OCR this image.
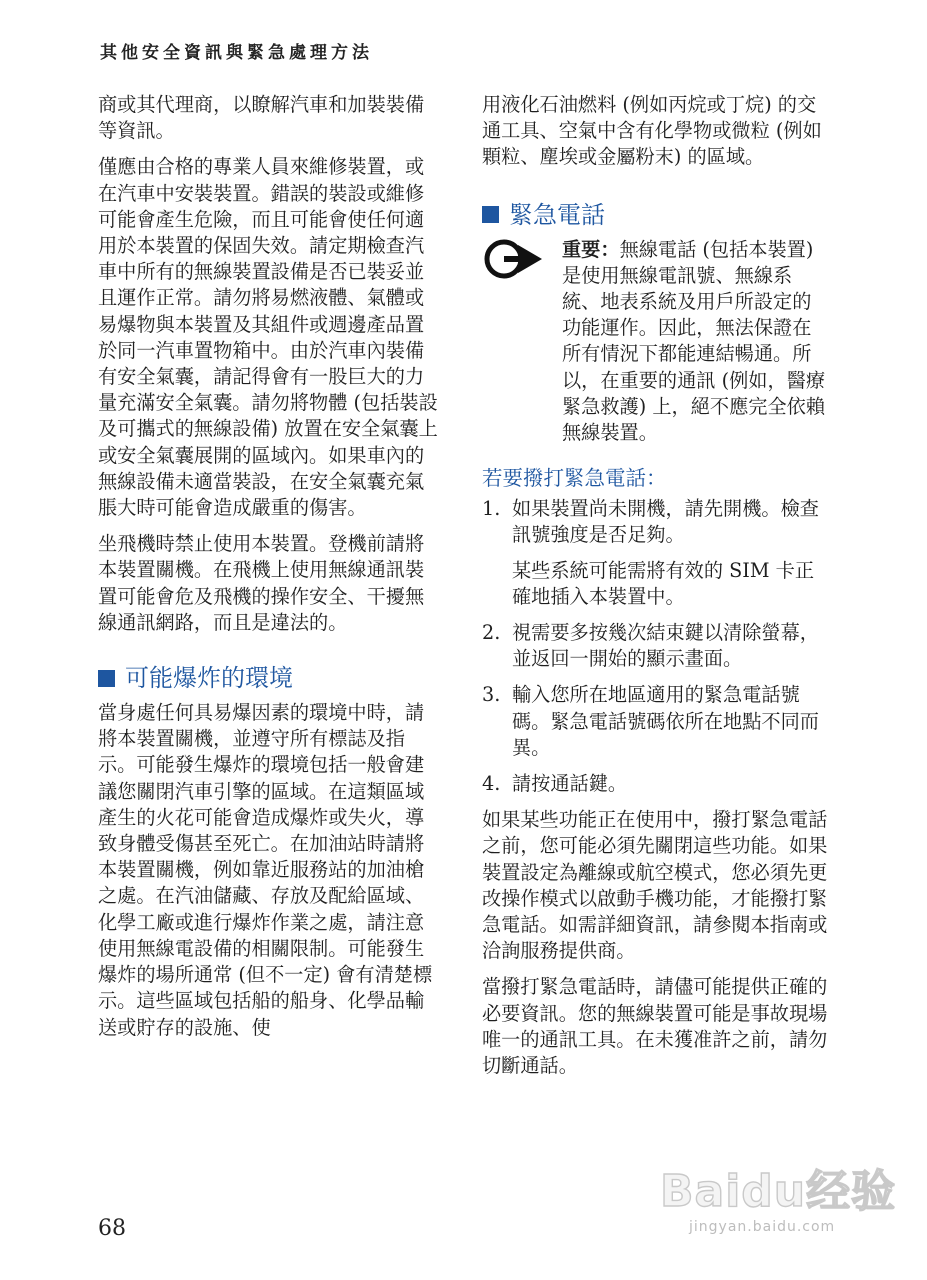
其他安全資訊與緊急處理方法

商或其代理商，以瞭解汽車和加裝裝備等資訊。

僅應由合格的專業人員來維修裝置，或在汽車中安裝裝置。錯誤的裝設或維修可能會產生危險，而且可能會使任何適用於本裝置的保固失效。請定期檢查汽車中所有的無線裝置設備是否已裝妥並且運作正常。請勿將易燃液體、氣體或易爆物與本裝置及其組件或週邊產品置於同一汽車置物箱中。由於汽車內裝備有安全氣囊，請記得會有一股巨大的力量充滿安全氣囊。請勿將物體 (包括裝設及可攜式的無線設備) 放置在安全氣囊上或安全氣囊展開的區域內。如果車內的無線設備未適當裝設，在安全氣囊充氣脹大時可能會造成嚴重的傷害。

坐飛機時禁止使用本裝置。登機前請將本裝置關機。在飛機上使用無線通訊裝置可能會危及飛機的操作安全、干擾無線通訊網路，而且是違法的。

可能爆炸的環境

當身處任何具易爆因素的環境中時，請將本裝置關機，並遵守所有標誌及指示。可能發生爆炸的環境包括一般會建議您關閉汽車引擎的區域。在這類區域產生的火花可能會造成爆炸或失火，導致身體受傷甚至死亡。在加油站時請將本裝置關機，例如靠近服務站的加油槍之處。在汽油儲藏、存放及配給區域、化學工廠或進行爆炸作業之處，請注意使用無線電設備的相關限制。可能發生爆炸的場所通常 (但不一定) 會有清楚標示。這些區域包括船的船身、化學品輸送或貯存的設施、使

用液化石油燃料 (例如丙烷或丁烷) 的交通工具、空氣中含有化學物或微粒 (例如顆粒、塵埃或金屬粉末) 的區域。

緊急電話
重要：無線電話 (包括本裝置) 是使用無線電訊號、無線系統、地表系統及用戶所設定的功能運作。因此，無法保證在所有情況下都能連結暢通。所以，在重要的通訊 (例如，醫療緊急救護) 上，絕不應完全依賴無線裝置。
若要撥打緊急電話：
1. 如果裝置尚未開機，請先開機。檢查訊號強度是否足夠。
某些系統可能需將有效的 SIM 卡正確地插入本裝置中。
2. 視需要多按幾次結束鍵以清除螢幕，並返回一開始的顯示畫面。
3. 輸入您所在地區適用的緊急電話號碼。緊急電話號碼依所在地點不同而異。
4. 請按通話鍵。

如果某些功能正在使用中，撥打緊急電話之前，您可能必須先關閉這些功能。如果裝置設定為離線或航空模式，您必須先更改操作模式以啟動手機功能，才能撥打緊急電話。如需詳細資訊，請參閱本指南或洽詢服務提供商。

當撥打緊急電話時，請儘可能提供正確的必要資訊。您的無線裝置可能是事故現場唯一的通訊工具。在未獲准許之前，請勿切斷通話。

68
Baidu经验
jingyan.baidu.com
